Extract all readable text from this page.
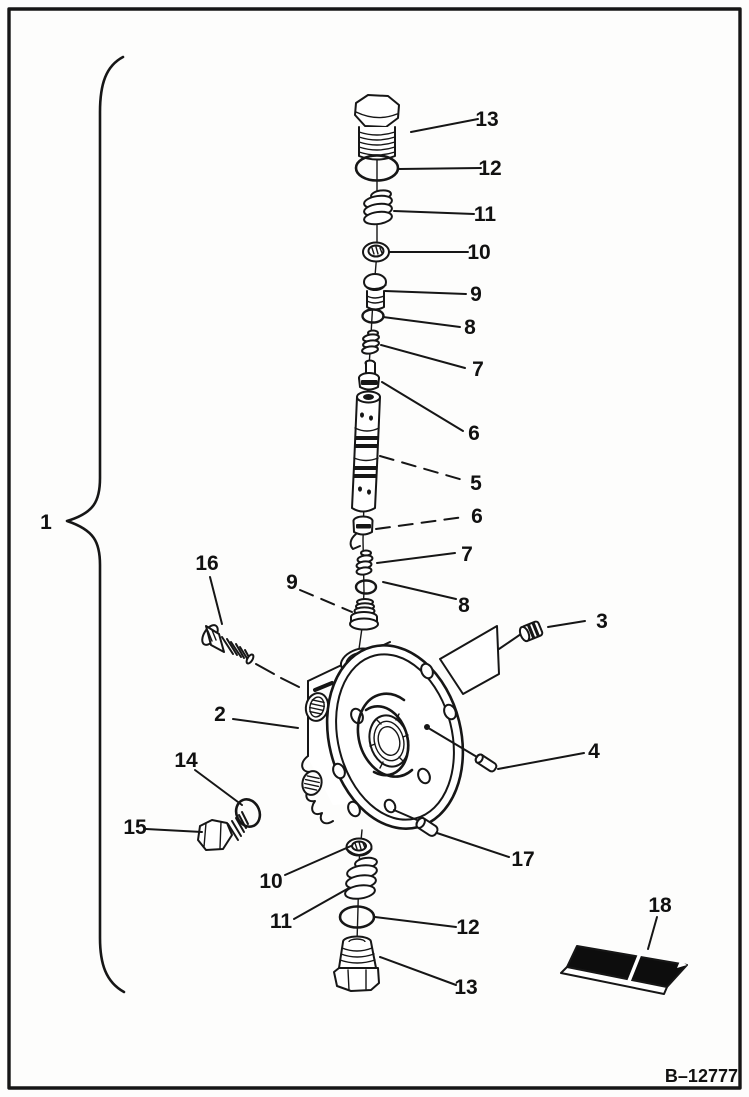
1
2
3
4
5
6
6
7
7
8
8
9
9
10
10
11
11
12
12
13
13
14
15
16
17
18
B–12777
